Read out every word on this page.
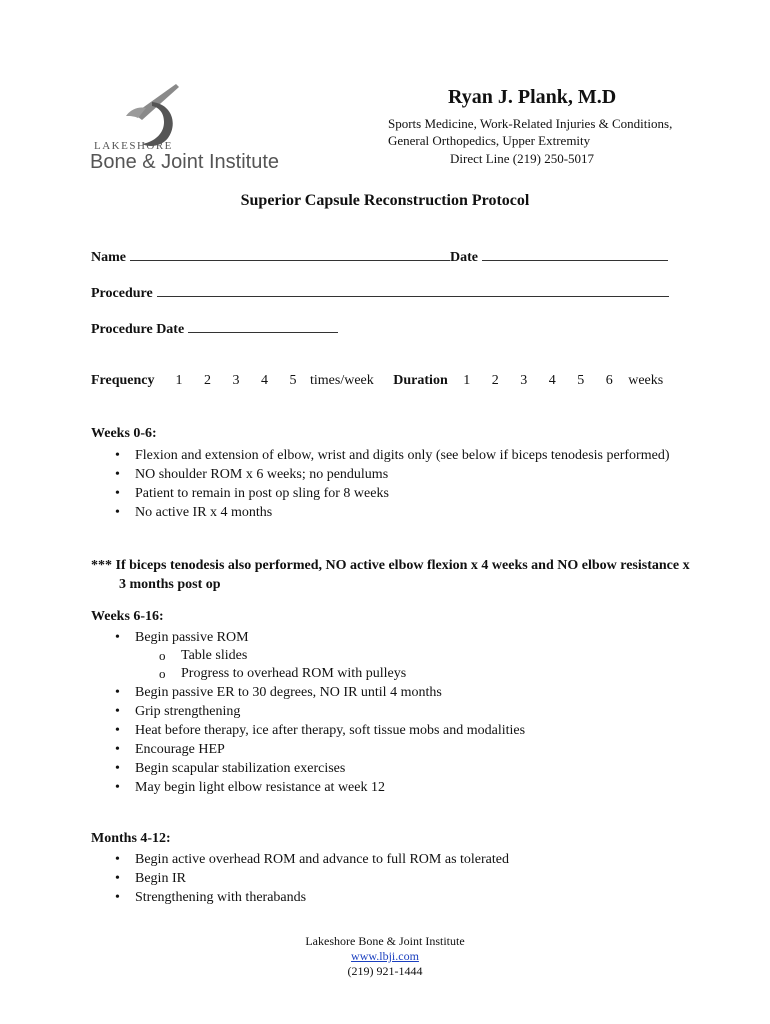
LAKESHORE
Bone & Joint Institute
Ryan J. Plank, M.D
Sports Medicine, Work-Related Injuries & Conditions,
General Orthopedics, Upper Extremity
Direct Line (219) 250-5017
Superior Capsule Reconstruction Protocol
Name	Date
Procedure
Procedure Date
Frequency 1 2 3 4 5 times/week Duration 1 2 3 4 5 6 weeks
Weeks 0-6:
• Flexion and extension of elbow, wrist and digits only (see below if biceps tenodesis performed)
• NO shoulder ROM x 6 weeks; no pendulums
• Patient to remain in post op sling for 8 weeks
• No active IR x 4 months
*** If biceps tenodesis also performed, NO active elbow flexion x 4 weeks and NO elbow resistance x 3 months post op
Weeks 6-16:
• Begin passive ROM
o Table slides
o Progress to overhead ROM with pulleys
• Begin passive ER to 30 degrees, NO IR until 4 months
• Grip strengthening
• Heat before therapy, ice after therapy, soft tissue mobs and modalities
• Encourage HEP
• Begin scapular stabilization exercises
• May begin light elbow resistance at week 12
Months 4-12:
• Begin active overhead ROM and advance to full ROM as tolerated
• Begin IR
• Strengthening with therabands
Lakeshore Bone & Joint Institute
www.lbji.com
(219) 921-1444
